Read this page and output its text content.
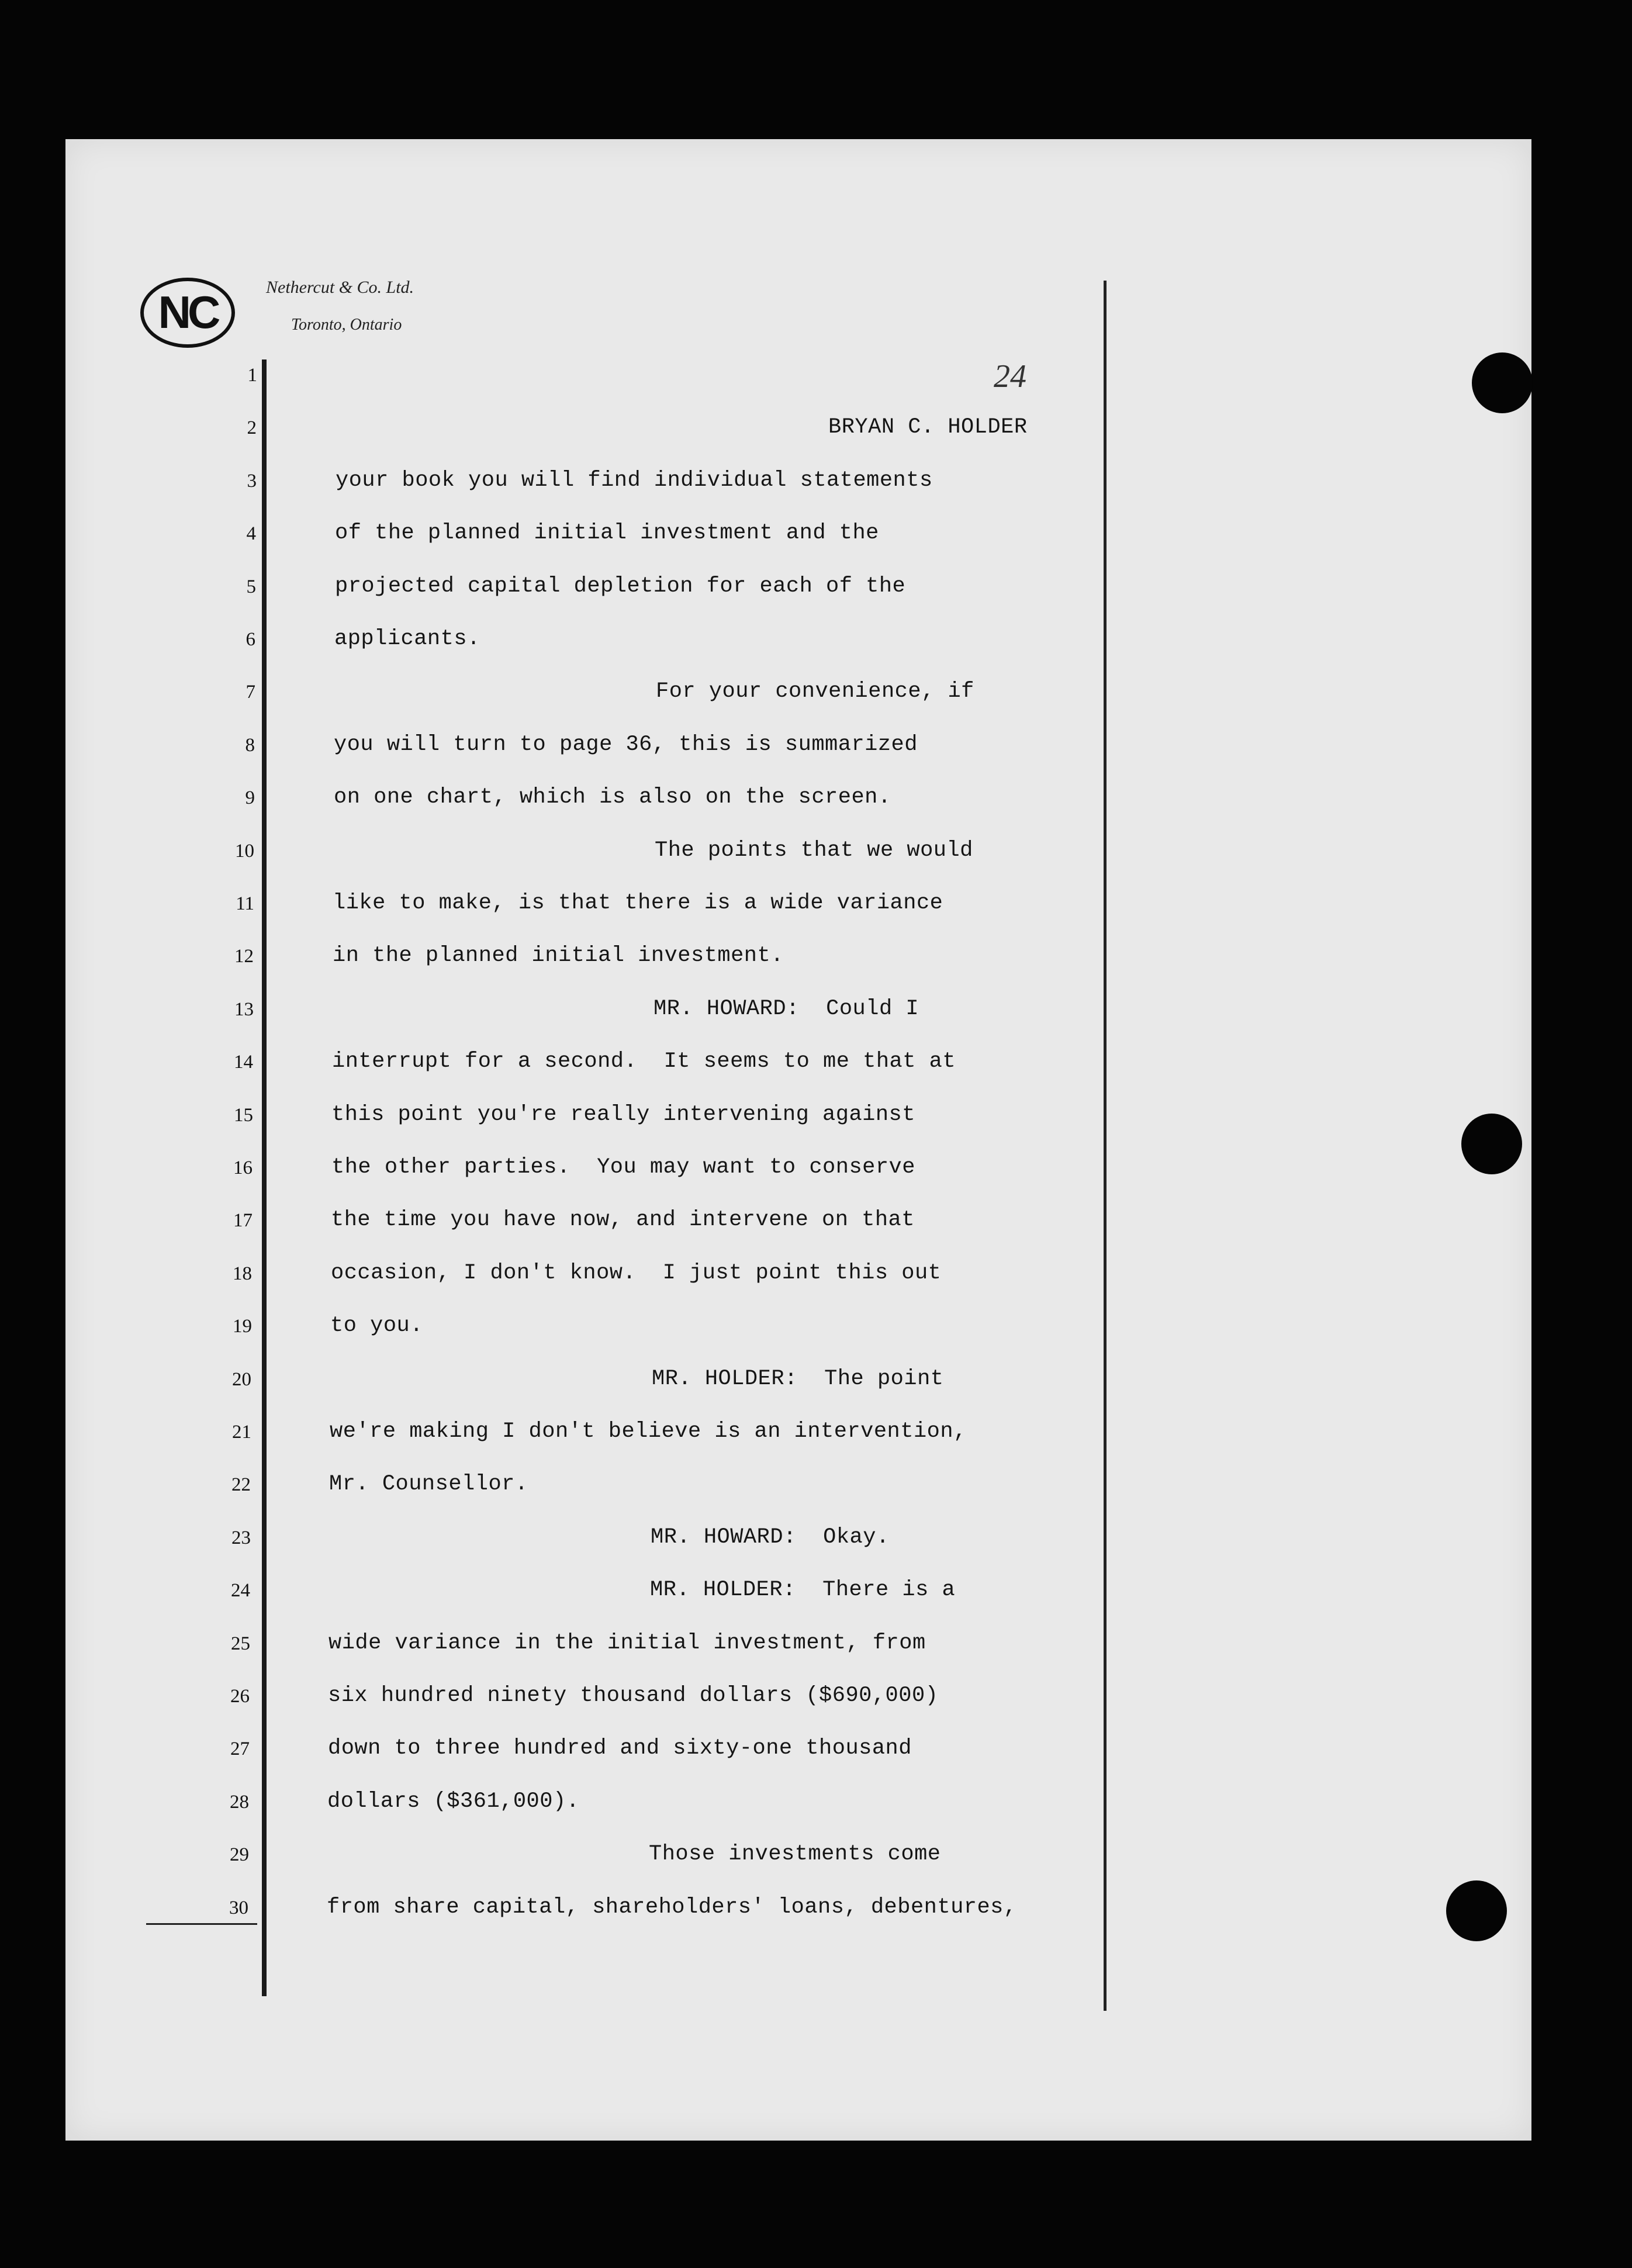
NC	Nethercut & Co. Ltd.
Toronto, Ontario
24
1
2	BRYAN C. HOLDER
3	your book you will find individual statements
4	of the planned initial investment and the
5	projected capital depletion for each of the
6	applicants.
7	For your convenience, if
8	you will turn to page 36, this is summarized
9	on one chart, which is also on the screen.
10	The points that we would
11	like to make, is that there is a wide variance
12	in the planned initial investment.
13	MR. HOWARD:  Could I
14	interrupt for a second.  It seems to me that at
15	this point you're really intervening against
16	the other parties.  You may want to conserve
17	the time you have now, and intervene on that
18	occasion, I don't know.  I just point this out
19	to you.
20	MR. HOLDER:  The point
21	we're making I don't believe is an intervention,
22	Mr. Counsellor.
23	MR. HOWARD:  Okay.
24	MR. HOLDER:  There is a
25	wide variance in the initial investment, from
26	six hundred ninety thousand dollars ($690,000)
27	down to three hundred and sixty-one thousand
28	dollars ($361,000).
29	Those investments come
30	from share capital, shareholders' loans, debentures,
